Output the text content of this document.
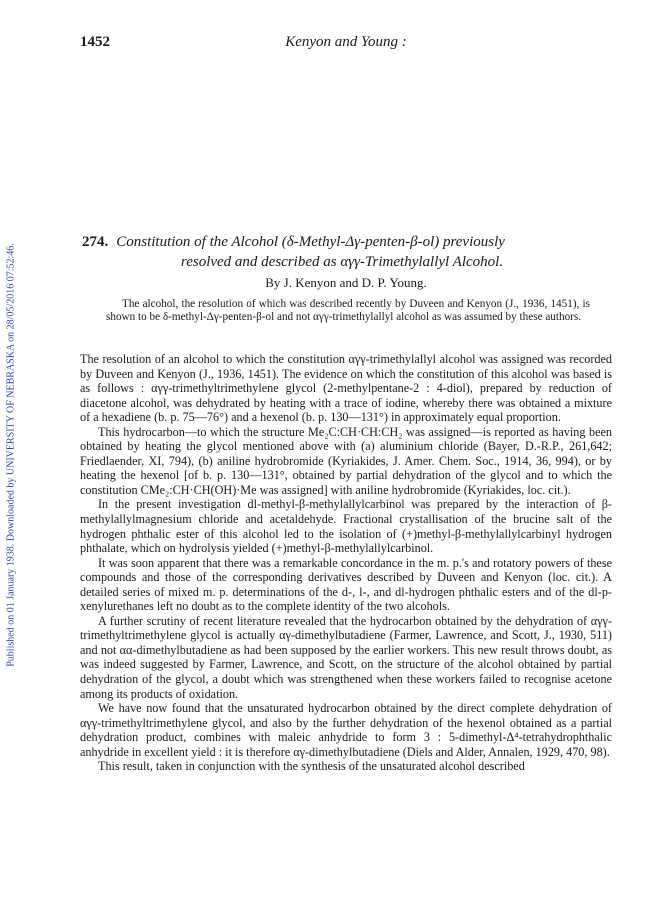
Published on 01 January 1938. Downloaded by UNIVERSITY OF NEBRASKA on 28/05/2016 07:52:46.
1452	Kenyon and Young :
274. Constitution of the Alcohol (δ-Methyl-Δγ-penten-β-ol) previously
resolved and described as αγγ-Trimethylallyl Alcohol.
By J. Kenyon and D. P. Young.

The alcohol, the resolution of which was described recently by Duveen and Kenyon (J., 1936, 1451), is shown to be δ-methyl-Δγ-penten-β-ol and not αγγ-trimethylallyl alcohol as was assumed by these authors.

The resolution of an alcohol to which the constitution αγγ-trimethylallyl alcohol was assigned was recorded by Duveen and Kenyon (J., 1936, 1451). The evidence on which the constitution of this alcohol was based is as follows : αγγ-trimethyltrimethylene glycol (2-methylpentane-2 : 4-diol), prepared by reduction of diacetone alcohol, was dehydrated by heating with a trace of iodine, whereby there was obtained a mixture of a hexadiene (b. p. 75—76°) and a hexenol (b. p. 130—131°) in approximately equal proportion.

This hydrocarbon—to which the structure Me₂C:CH·CH:CH₂ was assigned—is reported as having been obtained by heating the glycol mentioned above with (a) aluminium chloride (Bayer, D.-R.P., 261,642; Friedlaender, XI, 794), (b) aniline hydrobromide (Kyriakides, J. Amer. Chem. Soc., 1914, 36, 994), or by heating the hexenol [of b. p. 130—131°, obtained by partial dehydration of the glycol and to which the constitution CMe₂:CH·CH(OH)·Me was assigned] with aniline hydrobromide (Kyriakides, loc. cit.).

In the present investigation dl-methyl-β-methylallylcarbinol was prepared by the interaction of β-methylallylmagnesium chloride and acetaldehyde. Fractional crystallisation of the brucine salt of the hydrogen phthalic ester of this alcohol led to the isolation of (+)methyl-β-methylallylcarbinyl hydrogen phthalate, which on hydrolysis yielded (+)methyl-β-methylallylcarbinol.

It was soon apparent that there was a remarkable concordance in the m. p.'s and rotatory powers of these compounds and those of the corresponding derivatives described by Duveen and Kenyon (loc. cit.). A detailed series of mixed m. p. determinations of the d-, l-, and dl-hydrogen phthalic esters and of the dl-p-xenylurethanes left no doubt as to the complete identity of the two alcohols.

A further scrutiny of recent literature revealed that the hydrocarbon obtained by the dehydration of αγγ-trimethyltrimethylene glycol is actually αγ-dimethylbutadiene (Farmer, Lawrence, and Scott, J., 1930, 511) and not αα-dimethylbutadiene as had been supposed by the earlier workers. This new result throws doubt, as was indeed suggested by Farmer, Lawrence, and Scott, on the structure of the alcohol obtained by partial dehydration of the glycol, a doubt which was strengthened when these workers failed to recognise acetone among its products of oxidation.

We have now found that the unsaturated hydrocarbon obtained by the direct complete dehydration of αγγ-trimethyltrimethylene glycol, and also by the further dehydration of the hexenol obtained as a partial dehydration product, combines with maleic anhydride to form 3 : 5-dimethyl-Δ⁴-tetrahydrophthalic anhydride in excellent yield : it is therefore αγ-dimethylbutadiene (Diels and Alder, Annalen, 1929, 470, 98).

This result, taken in conjunction with the synthesis of the unsaturated alcohol described
